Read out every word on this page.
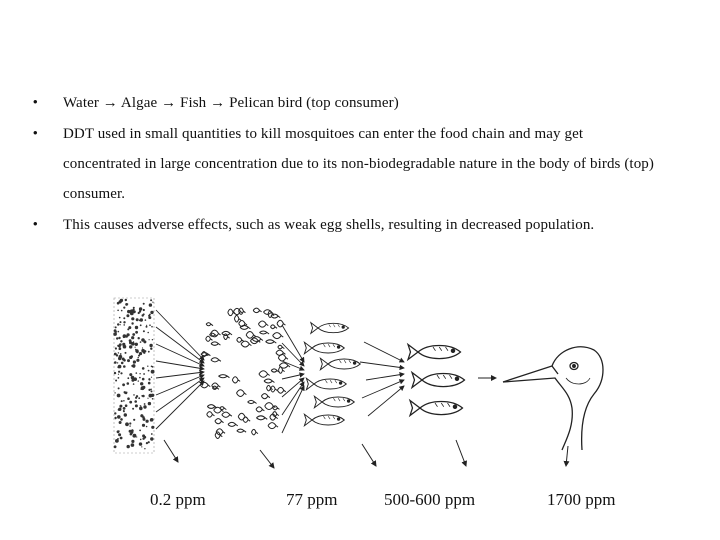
• Water → Algae → Fish → Pelican bird (top consumer)
• DDT used in small quantities to kill mosquitoes can enter the food chain and may get concentrated in large concentration due to its non-biodegradable nature in the body of birds (top) consumer.
• This causes adverse effects, such as weak egg shells, resulting in decreased population.
0.2 ppm	77 ppm	500-600 ppm	1700 ppm
